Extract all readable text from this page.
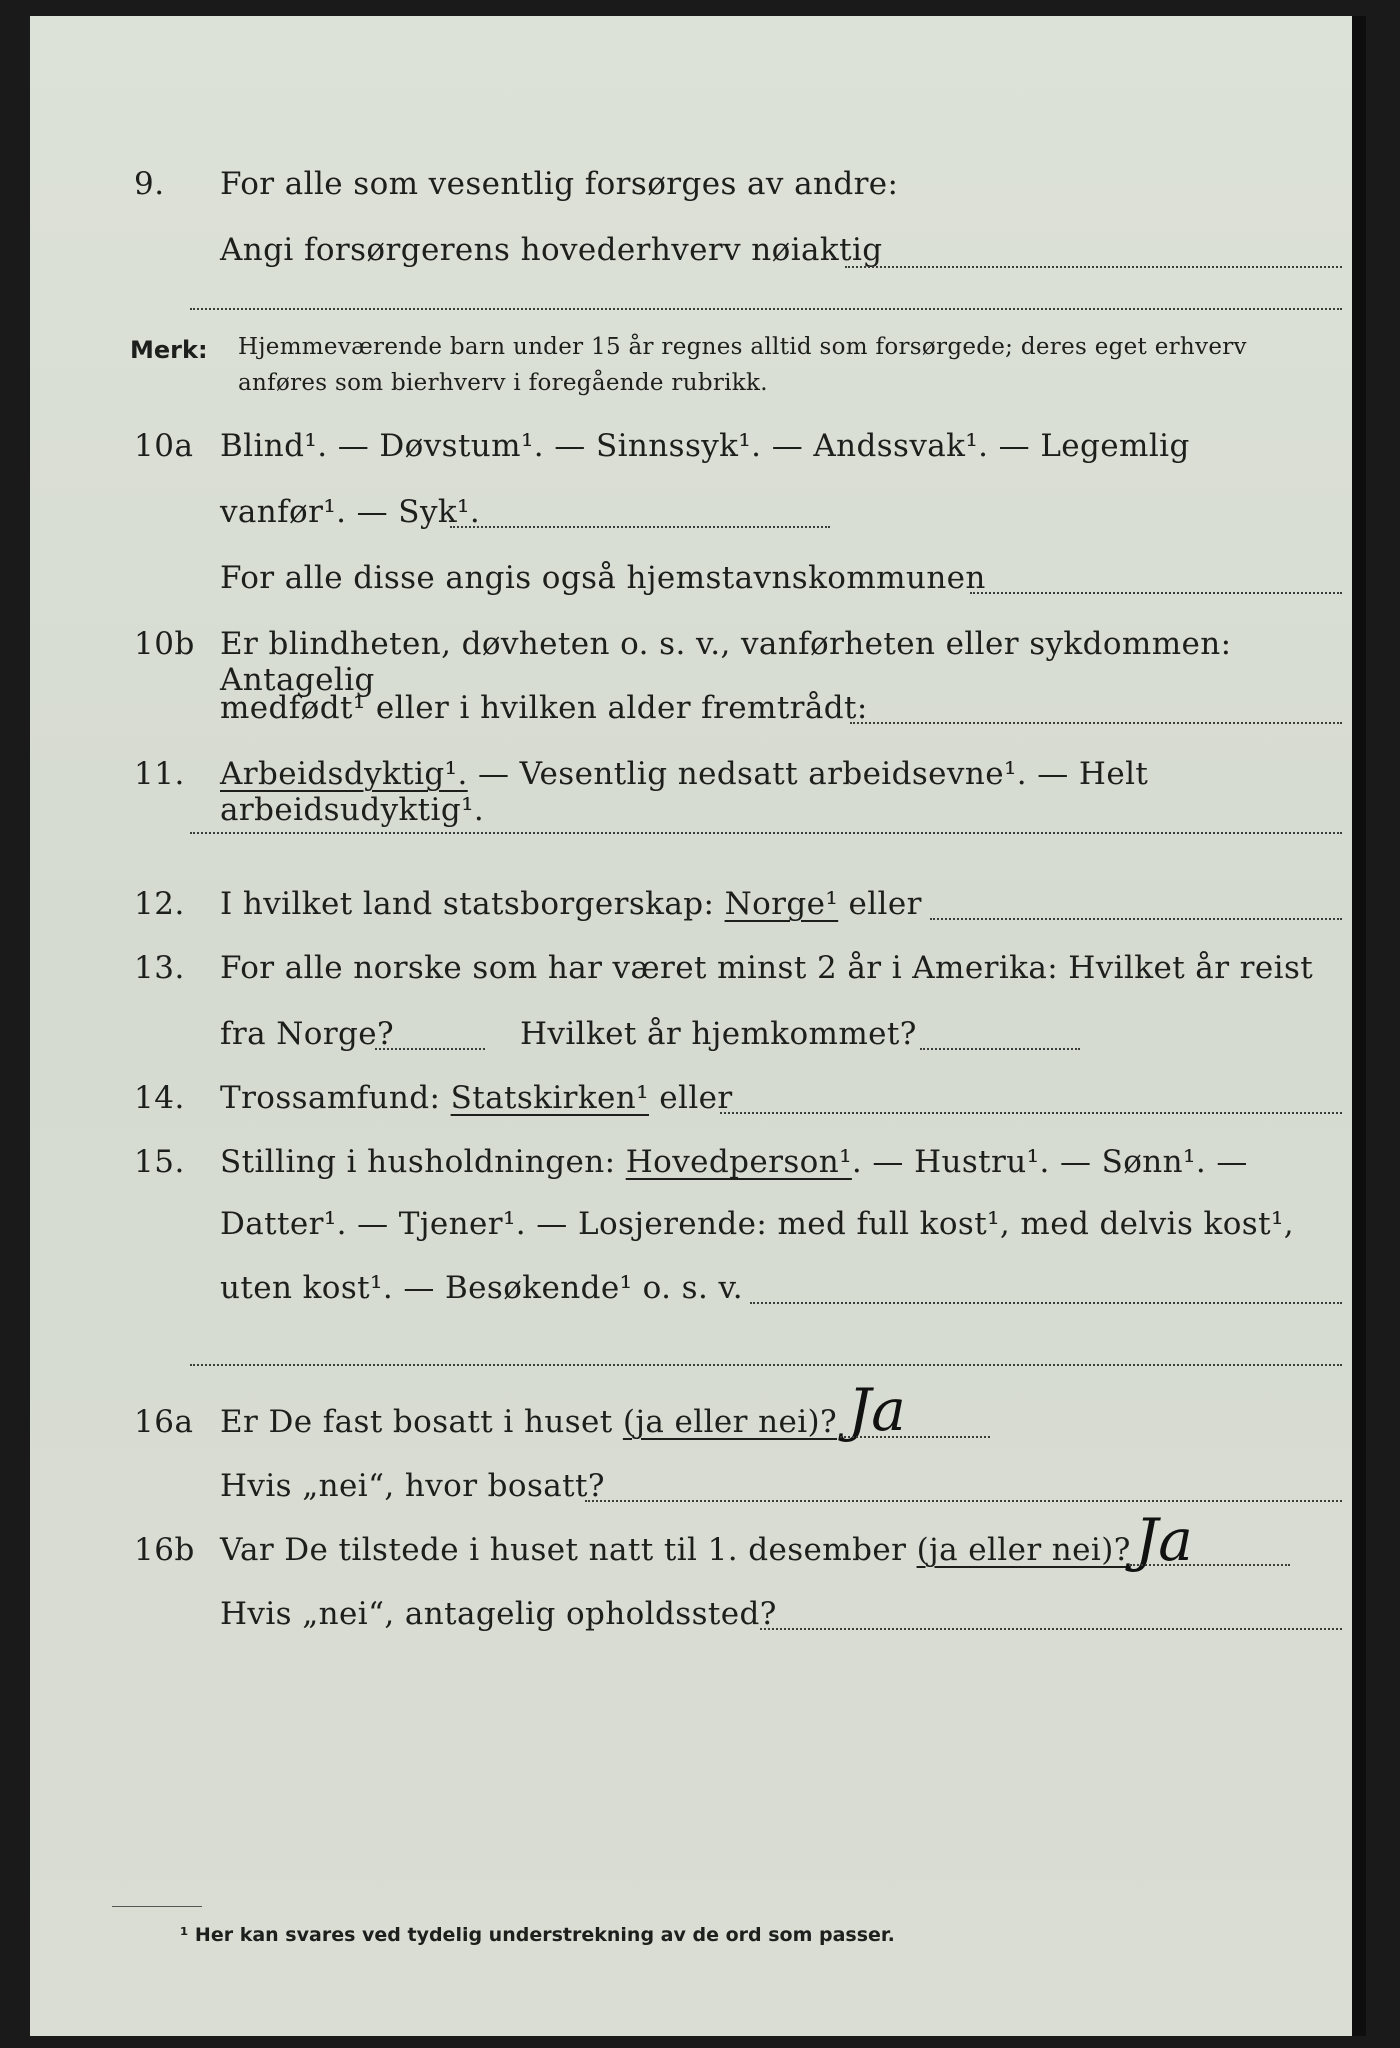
9.	For alle som vesentlig forsørges av andre:
Angi forsørgerens hovederhverv nøiaktig
Merk: Hjemmeværende barn under 15 år regnes alltid som forsørgede; deres eget erhverv
anføres som bierhverv i foregående rubrikk.
10a Blind¹. — Døvstum¹. — Sinnssyk¹. — Andssvak¹. — Legemlig
vanfør¹. — Syk¹.
For alle disse angis også hjemstavnskommunen
10b Er blindheten, døvheten o. s. v., vanførheten eller sykdommen: Antagelig
medfødt¹ eller i hvilken alder fremtrådt:
11.	Arbeidsdyktig¹. — Vesentlig nedsatt arbeidsevne¹. — Helt arbeidsudyktig¹.
12.	I hvilket land statsborgerskap: Norge¹ eller
13.	For alle norske som har været minst 2 år i Amerika: Hvilket år reist
fra Norge?	Hvilket år hjemkommet?
14.	Trossamfund: Statskirken¹ eller
15.	Stilling i husholdningen: Hovedperson¹. — Hustru¹. — Sønn¹. —
Datter¹. — Tjener¹. — Losjerende: med full kost¹, med delvis kost¹,
uten kost¹. — Besøkende¹ o. s. v.
16a Er De fast bosatt i huset (ja eller nei)? Ja
Hvis „nei“, hvor bosatt?
16b Var De tilstede i huset natt til 1. desember (ja eller nei)? Ja
Hvis „nei“, antagelig opholdssted?
¹ Her kan svares ved tydelig understrekning av de ord som passer.
